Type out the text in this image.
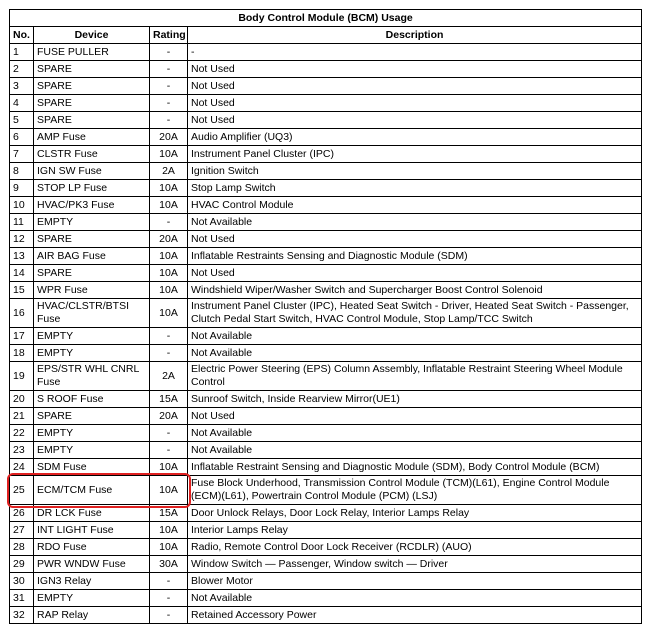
Body Control Module (BCM) Usage			
No.	Device	Rating	Description
1	FUSE PULLER	-	-
2	SPARE	-	Not Used
3	SPARE	-	Not Used
4	SPARE	-	Not Used
5	SPARE	-	Not Used
6	AMP Fuse	20A	Audio Amplifier (UQ3)
7	CLSTR Fuse	10A	Instrument Panel Cluster (IPC)
8	IGN SW Fuse	2A	Ignition Switch
9	STOP LP Fuse	10A	Stop Lamp Switch
10	HVAC/PK3 Fuse	10A	HVAC Control Module
11	EMPTY	-	Not Available
12	SPARE	20A	Not Used
13	AIR BAG Fuse	10A	Inflatable Restraints Sensing and Diagnostic Module (SDM)
14	SPARE	10A	Not Used
15	WPR Fuse	10A	Windshield Wiper/Washer Switch and Supercharger Boost Control Solenoid
16	HVAC/CLSTR/BTSI Fuse	10A	Instrument Panel Cluster (IPC), Heated Seat Switch - Driver, Heated Seat Switch - Passenger, Clutch Pedal Start Switch, HVAC Control Module, Stop Lamp/TCC Switch
17	EMPTY	-	Not Available
18	EMPTY	-	Not Available
19	EPS/STR WHL CNRL Fuse	2A	Electric Power Steering (EPS) Column Assembly, Inflatable Restraint Steering Wheel Module Control
20	S ROOF Fuse	15A	Sunroof Switch, Inside Rearview Mirror(UE1)
21	SPARE	20A	Not Used
22	EMPTY	-	Not Available
23	EMPTY	-	Not Available
24	SDM Fuse	10A	Inflatable Restraint Sensing and Diagnostic Module (SDM), Body Control Module (BCM)
25	ECM/TCM Fuse	10A	Fuse Block Underhood, Transmission Control Module (TCM)(L61), Engine Control Module (ECM)(L61), Powertrain Control Module (PCM) (LSJ)
26	DR LCK Fuse	15A	Door Unlock Relays, Door Lock Relay, Interior Lamps Relay
27	INT LIGHT Fuse	10A	Interior Lamps Relay
28	RDO Fuse	10A	Radio, Remote Control Door Lock Receiver (RCDLR) (AUO)
29	PWR WNDW Fuse	30A	Window Switch — Passenger, Window switch — Driver
30	IGN3 Relay	-	Blower Motor
31	EMPTY	-	Not Available
32	RAP Relay	-	Retained Accessory Power
